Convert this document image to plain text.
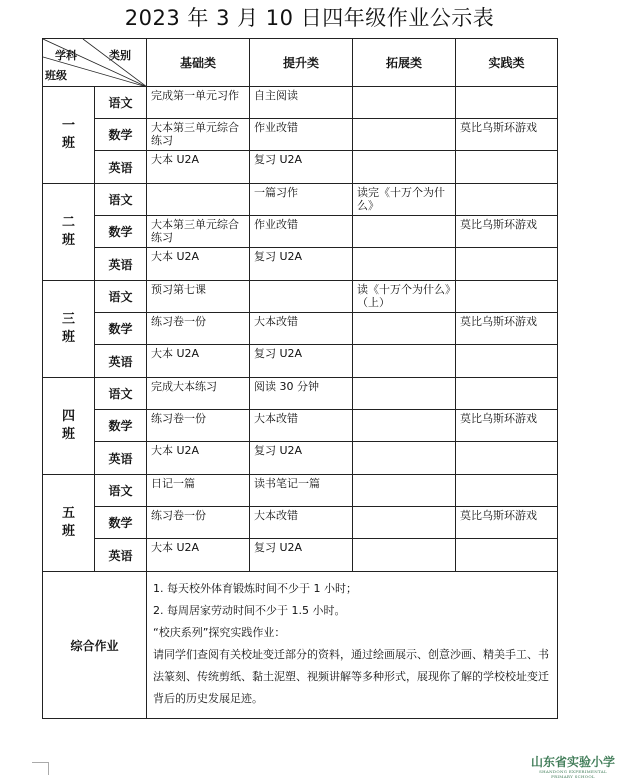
2023 年 3 月 10 日四年级作业公示表
学科 类别
班级		基础类	提升类	拓展类	实践类

一
班	语文	完成第一单元习作	自主阅读		
	数学	大本第三单元综合练习	作业改错		莫比乌斯环游戏
	英语	大本 U2A	复习 U2A		

二
班	语文		一篇习作	读完《十万个为什么》	
	数学	大本第三单元综合练习	作业改错		莫比乌斯环游戏
	英语	大本 U2A	复习 U2A		

三
班	语文	预习第七课		读《十万个为什么》（上）	
	数学	练习卷一份	大本改错		莫比乌斯环游戏
	英语	大本 U2A	复习 U2A		

四
班	语文	完成大本练习	阅读 30 分钟		
	数学	练习卷一份	大本改错		莫比乌斯环游戏
	英语	大本 U2A	复习 U2A		

五
班	语文	日记一篇	读书笔记一篇		
	数学	练习卷一份	大本改错		莫比乌斯环游戏
	英语	大本 U2A	复习 U2A		
综合作业		1. 每天校外体育锻炼时间不少于 1 小时；

2. 每周居家劳动时间不少于 1.5 小时。

“校庆系列”探究实践作业：

请同学们查阅有关校址变迁部分的资料，通过绘画展示、创意沙画、精美手工、书法篆刻、传统剪纸、黏土泥塑、视频讲解等多种形式，展现你了解的学校校址变迁背后的历史发展足迹。			

山东省实验小学
SHANDONG EXPERIMENTAL PRIMARY SCHOOL
